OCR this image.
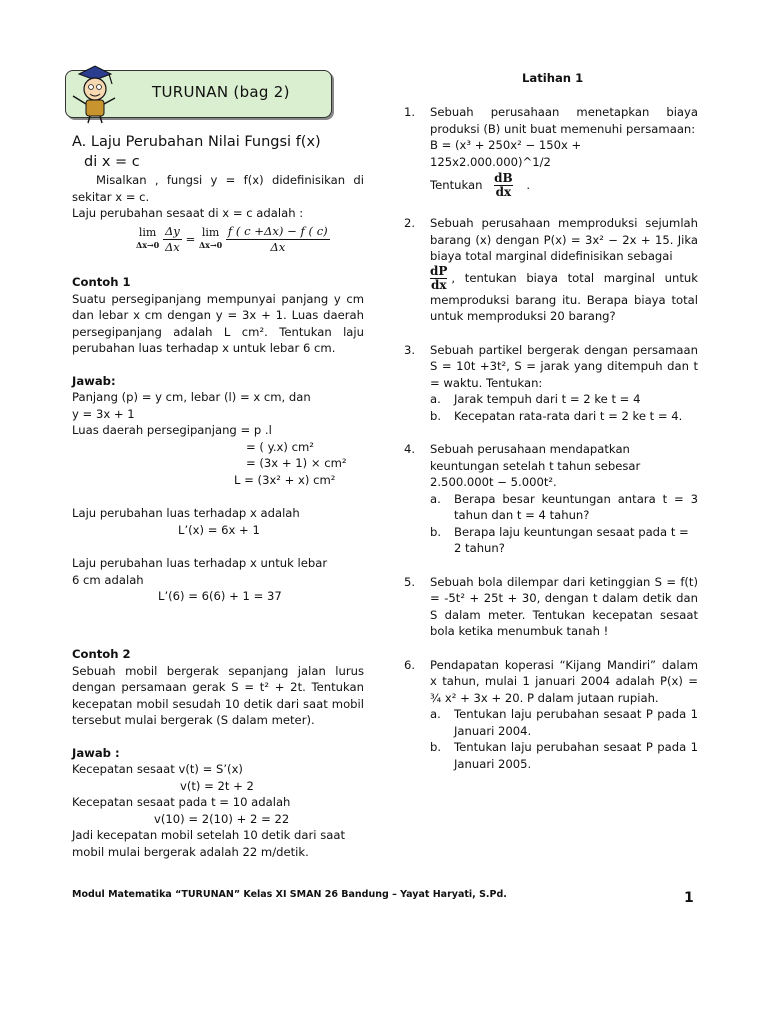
TURUNAN (bag 2)

A. Laju Perubahan Nilai Fungsi f(x)

di x = c

Misalkan , fungsi y = f(x) didefinisikan di sekitar x = c.

Laju perubahan sesaat di x = c adalah :

lim
Δx→0
$\frac{\Delta y}{\Delta x} = \lim$
Δx→0
$\frac{f ( c +\Delta x) - f ( c)}{\Delta x}$

Contoh 1

Suatu persegipanjang mempunyai panjang y cm dan lebar x cm dengan y = 3x + 1. Luas daerah persegipanjang adalah L cm². Tentukan laju perubahan luas terhadap x untuk lebar 6 cm.

Jawab:

Panjang (p) = y cm, lebar (l) = x cm, dan

y = 3x + 1

Luas daerah persegipanjang = p .l

= ( y.x) cm²

= (3x + 1) × cm²

L = (3x² + x) cm²

Laju perubahan luas terhadap x adalah

L’(x) = 6x + 1

Laju perubahan luas terhadap x untuk lebar

6 cm adalah

L’(6) = 6(6) + 1 = 37

Contoh 2

Sebuah mobil bergerak sepanjang jalan lurus dengan persamaan gerak S = t² + 2t. Tentukan kecepatan mobil sesudah 10 detik dari saat mobil tersebut mulai bergerak (S dalam meter).

Jawab :

Kecepatan sesaat v(t) = S’(x)

v(t) = 2t + 2

Kecepatan sesaat pada t = 10 adalah

v(10) = 2(10) + 2 = 22

Jadi kecepatan mobil setelah 10 detik dari saat mobil mulai bergerak adalah 22 m/detik.

Latihan 1
1. Sebuah perusahaan menetapkan biaya produksi (B) unit buat memenuhi persamaan:

B = (x³ + 250x² − 150x + 125x2.000.000)^1/2

Tentukan $\frac{dB}{dx}$ .

2. Sebuah perusahaan memproduksi sejumlah barang (x) dengan P(x) = 3x² − 2x + 15. Jika biaya total marginal didefinisikan sebagai

$\frac{dP}{dx}$ , tentukan biaya total marginal untuk memproduksi barang itu. Berapa biaya total untuk memproduksi 20 barang?

3. Sebuah partikel bergerak dengan persamaan S = 10t +3t², S = jarak yang ditempuh dan t = waktu. Tentukan:

a. Jarak tempuh dari t = 2 ke t = 4
b. Kecepatan rata-rata dari t = 2 ke t = 4.
4. Sebuah perusahaan mendapatkan keuntungan setelah t tahun sebesar 2.500.000t − 5.000t².

a. Berapa besar keuntungan antara t = 3 tahun dan t = 4 tahun?
b. Berapa laju keuntungan sesaat pada t = 2 tahun?
5. Sebuah bola dilempar dari ketinggian S = f(t) = -5t² + 25t + 30, dengan t dalam detik dan S dalam meter. Tentukan kecepatan sesaat bola ketika menumbuk tanah !

6. Pendapatan koperasi “Kijang Mandiri” dalam x tahun, mulai 1 januari 2004 adalah P(x) = ¾ x² + 3x + 20. P dalam jutaan rupiah.

a. Tentukan laju perubahan sesaat P pada 1 Januari 2004.
b. Tentukan laju perubahan sesaat P pada 1 Januari 2005.
Modul Matematika “TURUNAN” Kelas XI SMAN 26 Bandung – Yayat Haryati, S.Pd.	1
